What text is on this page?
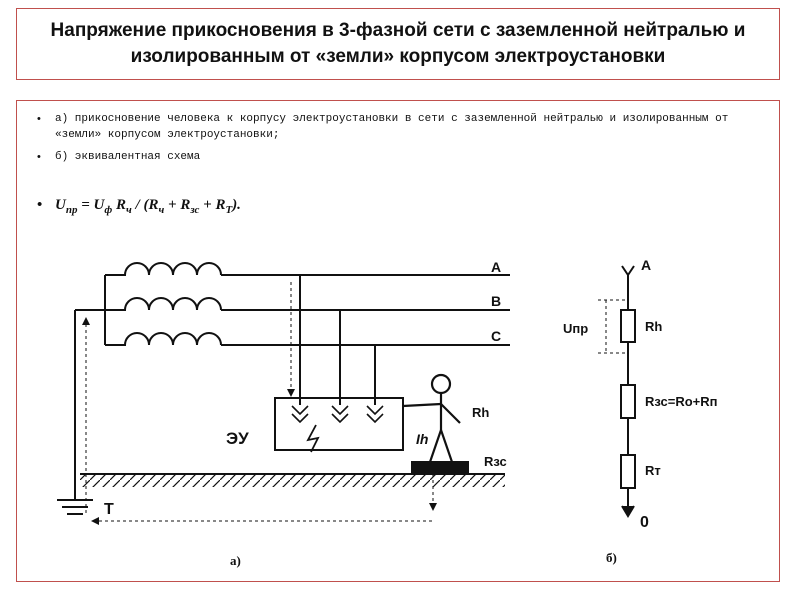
Напряжение прикосновения в 3-фазной сети с заземленной нейтралью и изолированным от «земли» корпусом электроустановки
• а) прикосновение человека к корпусу электроустановки в сети с заземленной нейтралью и изолированным от «земли» корпусом электроустановки;
• б) эквивалентная схема
• $U_{пр} = U_ф$ $R_ч / (R_ч + R_{зс} + R_Т)$.
A
B
C
ЭУ
Rh
Ih
Rзс
Т
а)
A
Uпр	Rh
Rзс=Ro+Rп
Rт
0
б)
